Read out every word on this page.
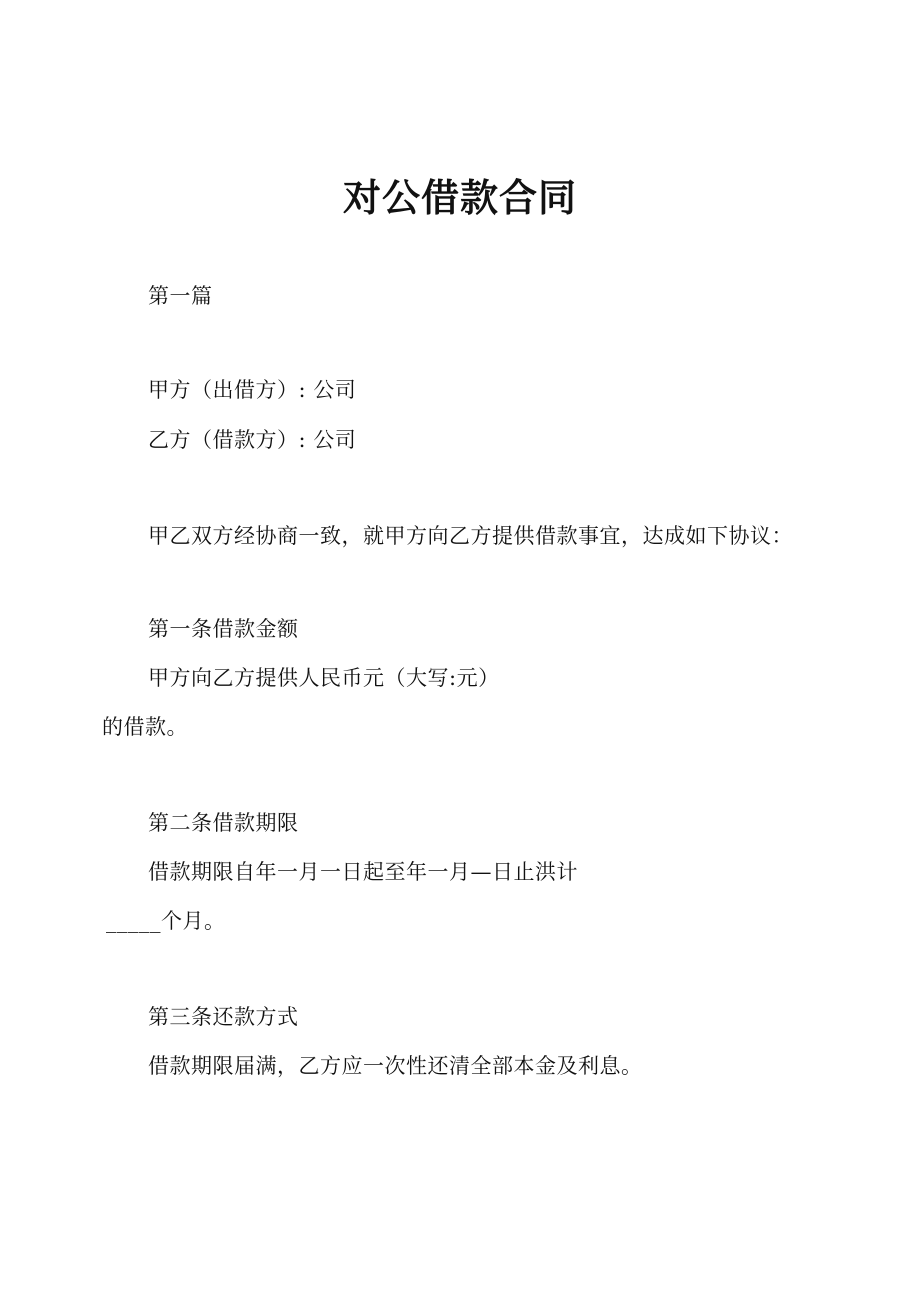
对公借款合同
第一篇
甲方（出借方）: 公司
乙方（借款方）: 公司
甲乙双方经协商一致，就甲方向乙方提供借款事宜，达成如下协议：
第一条借款金额
甲方向乙方提供人民币元（大写:元）
的借款。
第二条借款期限
借款期限自年一月一日起至年一月—日止洪计
_____个月。
第三条还款方式
借款期限届满，乙方应一次性还清全部本金及利息。
